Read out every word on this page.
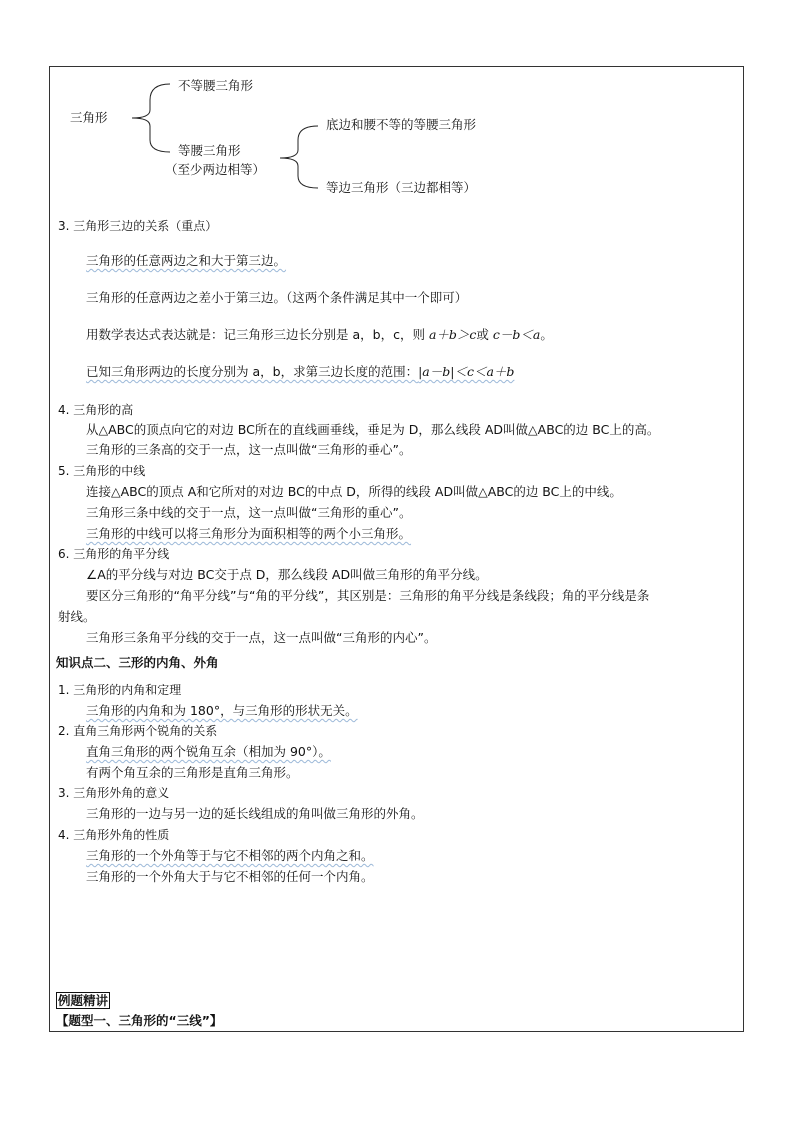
三角形
不等腰三角形
等腰三角形
（至少两边相等）
底边和腰不等的等腰三角形
等边三角形（三边都相等）
3. 三角形三边的关系（重点）
三角形的任意两边之和大于第三边。
三角形的任意两边之差小于第三边。（这两个条件满足其中一个即可）
用数学表达式表达就是：记三角形三边长分别是 a，b，c，则 a＋b＞c或 c－b＜a。
已知三角形两边的长度分别为 a，b，求第三边长度的范围：|a－b|＜c＜a＋b
4. 三角形的高
从△ABC的顶点向它的对边 BC所在的直线画垂线，垂足为 D，那么线段 AD叫做△ABC的边 BC上的高。
三角形的三条高的交于一点，这一点叫做“三角形的垂心”。
5. 三角形的中线
连接△ABC的顶点 A和它所对的对边 BC的中点 D，所得的线段 AD叫做△ABC的边 BC上的中线。
三角形三条中线的交于一点，这一点叫做“三角形的重心”。
三角形的中线可以将三角形分为面积相等的两个小三角形。
6. 三角形的角平分线
∠A的平分线与对边 BC交于点 D，那么线段 AD叫做三角形的角平分线。
要区分三角形的“角平分线”与“角的平分线”，其区别是：三角形的角平分线是条线段；角的平分线是条
射线。
三角形三条角平分线的交于一点，这一点叫做“三角形的内心”。
知识点二、三形的内角、外角
1. 三角形的内角和定理
三角形的内角和为 180°，与三角形的形状无关。
2. 直角三角形两个锐角的关系
直角三角形的两个锐角互余（相加为 90°）。
有两个角互余的三角形是直角三角形。
3. 三角形外角的意义
三角形的一边与另一边的延长线组成的角叫做三角形的外角。
4. 三角形外角的性质
三角形的一个外角等于与它不相邻的两个内角之和。
三角形的一个外角大于与它不相邻的任何一个内角。
例题精讲
【题型一、三角形的“三线”】
